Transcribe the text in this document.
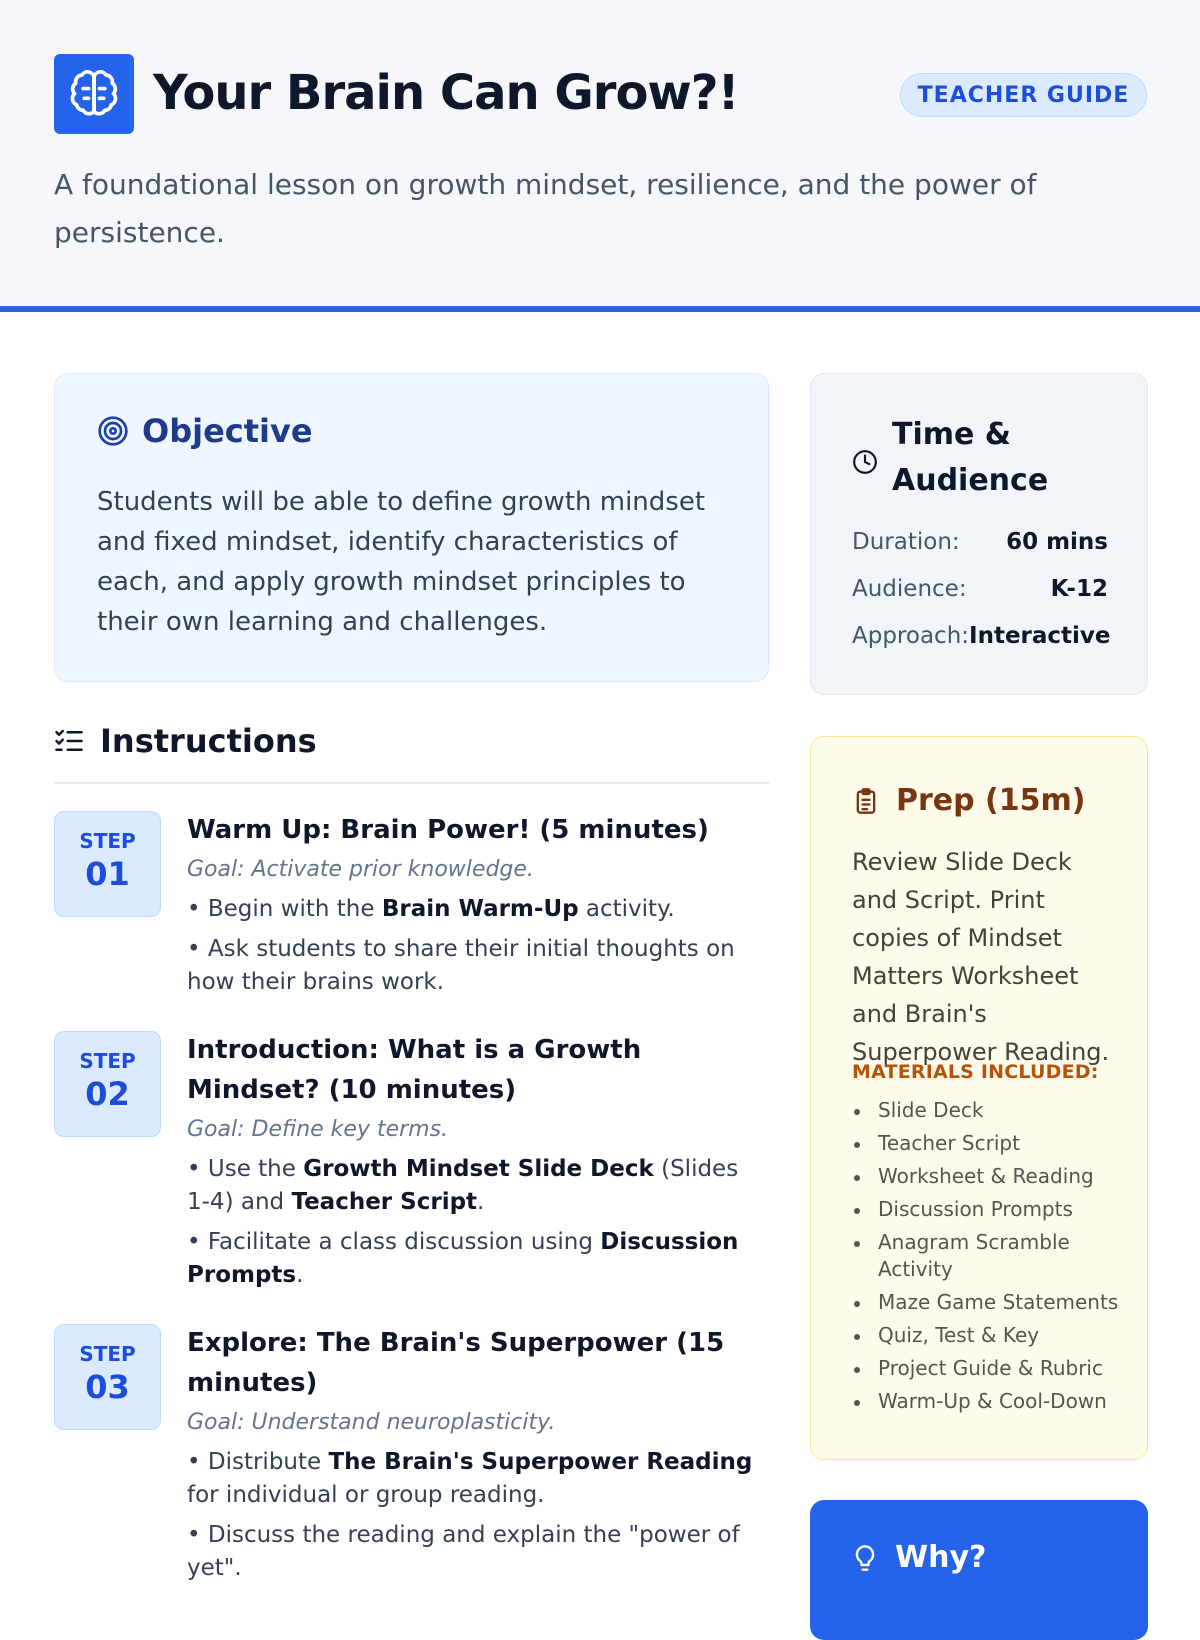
Your Brain Can Grow?!	TEACHER GUIDE

A foundational lesson on growth mindset, resilience, and the power of persistence.

Objective

Students will be able to define growth mindset and fixed mindset, identify characteristics of each, and apply growth mindset principles to their own learning and challenges.

Time & Audience
Duration: 60 mins
Audience:	K-12
Approach: Interactive
Instructions
STEP
01
Warm Up: Brain Power! (5 minutes)
Goal: Activate prior knowledge.
• Begin with the Brain Warm-Up activity.
• Ask students to share their initial thoughts on how their brains work.
STEP
02
Introduction: What is a Growth Mindset? (10 minutes)
Goal: Define key terms.
• Use the Growth Mindset Slide Deck (Slides 1-4) and Teacher Script.
• Facilitate a class discussion using Discussion Prompts.
STEP
03
Explore: The Brain's Superpower (15 minutes)
Goal: Understand neuroplasticity.
• Distribute The Brain's Superpower Reading for individual or group reading.
• Discuss the reading and explain the "power of yet".
Prep (15m)

Review Slide Deck and Script. Print copies of Mindset Matters Worksheet and Brain's Superpower Reading.

MATERIALS INCLUDED:
Slide Deck
Teacher Script
Worksheet & Reading
Discussion Prompts
Anagram Scramble Activity
Maze Game Statements
Quiz, Test & Key
Project Guide & Rubric
Warm-Up & Cool-Down
Why?
